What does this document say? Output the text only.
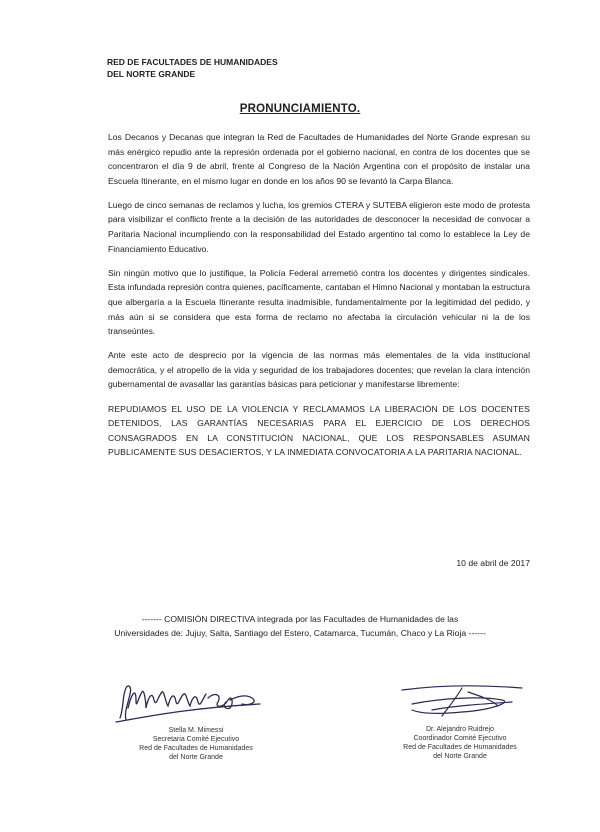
RED DE FACULTADES DE HUMANIDADES
DEL NORTE GRANDE
PRONUNCIAMIENTO.

Los Decanos y Decanas que integran la Red de Facultades de Humanidades del Norte Grande expresan su más enérgico repudio ante la represión ordenada por el gobierno nacional, en contra de los docentes que se concentraron el día 9 de abril, frente al Congreso de la Nación Argentina con el propósito de instalar una Escuela Itinerante, en el mismo lugar en donde en los años 90 se levantó la Carpa Blanca.

Luego de cinco semanas de reclamos y lucha, los gremios CTERA y SUTEBA eligieron este modo de protesta para visibilizar el conflicto frente a la decisión de las autoridades de desconocer la necesidad de convocar a Paritaria Nacional incumpliendo con la responsabilidad del Estado argentino tal como lo establece la Ley de Financiamiento Educativo.

Sin ningún motivo que lo justifique, la Policía Federal arremetió contra los docentes y dirigentes sindicales. Esta infundada represión contra quienes, pacíficamente, cantaban el Himno Nacional y montaban la estructura que albergaría a la Escuela Itinerante resulta inadmisible, fundamentalmente por la legitimidad del pedido, y más aún si se considera que esta forma de reclamo no afectaba la circulación vehicular ni la de los transeúntes.

Ante este acto de desprecio por la vigencia de las normas más elementales de la vida institucional democrática, y el atropello de la vida y seguridad de los trabajadores docentes; que revelan la clara intención gubernamental de avasallar las garantías básicas para peticionar y manifestarse libremente:

REPUDIAMOS EL USO DE LA VIOLENCIA Y RECLAMAMOS LA LIBERACIÓN DE LOS DOCENTES DETENIDOS, LAS GARANTÍAS NECESARIAS PARA EL EJERCICIO DE LOS DERECHOS CONSAGRADOS EN LA CONSTITUCIÓN NACIONAL, QUE LOS RESPONSABLES ASUMAN PUBLICAMENTE SUS DESACIERTOS, Y LA INMEDIATA CONVOCATORIA A LA PARITARIA NACIONAL.

10 de abril de 2017
------- COMISIÓN DIRECTIVA integrada por las Facultades de Humanidades de las
Universidades de: Jujuy, Salta, Santiago del Estero, Catamarca, Tucumán, Chaco y La Rioja ------
Stella M. Mimessi
Secretaria Comité Ejecutivo
Red de Facultades de Humanidades
del Norte Grande
Dr. Alejandro Ruidrejo
Coordinador Comité Ejecutivo
Red de Facultades de Humanidades
del Norte Grande
